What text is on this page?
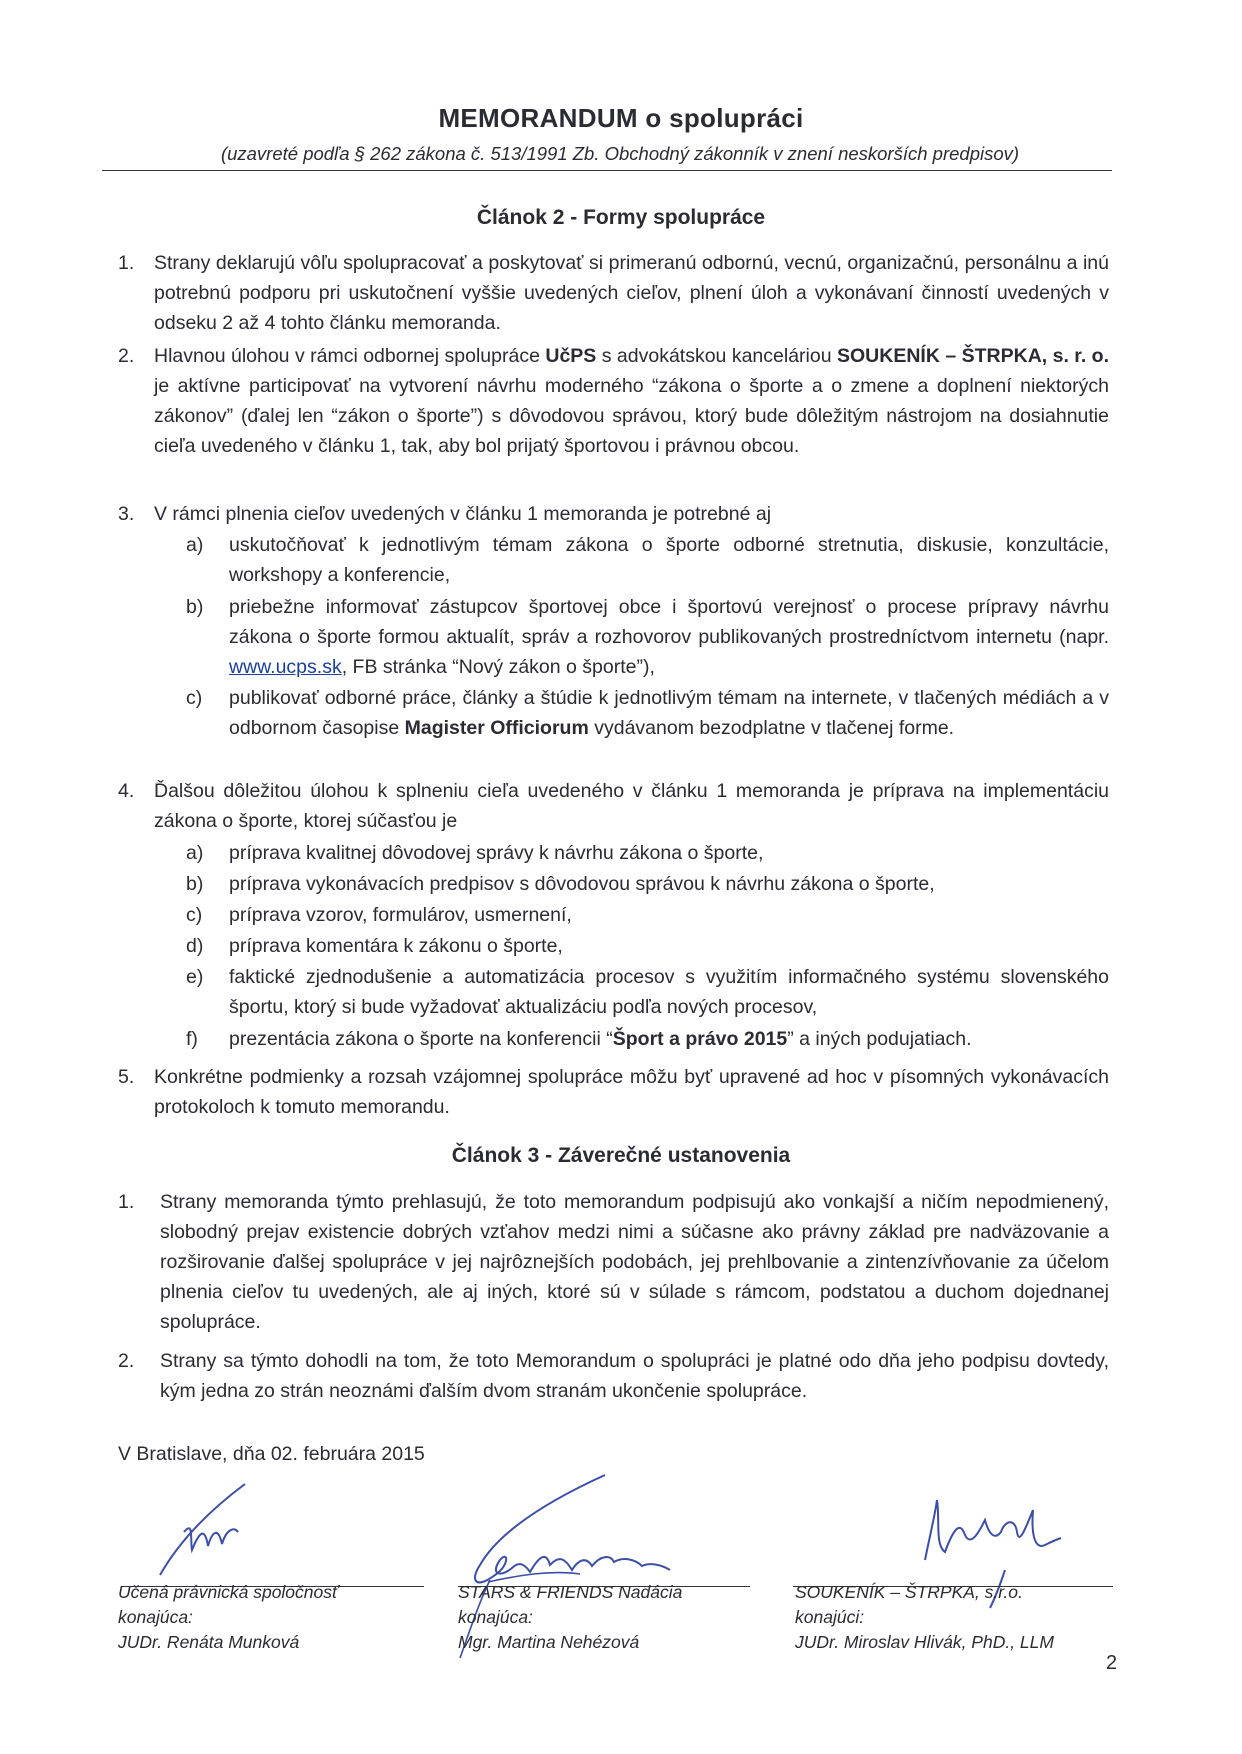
MEMORANDUM o spolupráci
(uzavreté podľa § 262 zákona č. 513/1991 Zb. Obchodný zákonník v znení neskorších predpisov)
Článok 2 - Formy spolupráce
1. Strany deklarujú vôľu spolupracovať a poskytovať si primeranú odbornú, vecnú, organizačnú, personálnu a inú potrebnú podporu pri uskutočnení vyššie uvedených cieľov, plnení úloh a vykonávaní činností uvedených v odseku 2 až 4 tohto článku memoranda.
2. Hlavnou úlohou v rámci odbornej spolupráce UčPS s advokátskou kanceláriou SOUKENÍK – ŠTRPKA, s. r. o. je aktívne participovať na vytvorení návrhu moderného “zákona o športe a o zmene a doplnení niektorých zákonov” (ďalej len “zákon o športe”) s dôvodovou správou, ktorý bude dôležitým nástrojom na dosiahnutie cieľa uvedeného v článku 1, tak, aby bol prijatý športovou i právnou obcou.
3. V rámci plnenia cieľov uvedených v článku 1 memoranda je potrebné aj
a) uskutočňovať k jednotlivým témam zákona o športe odborné stretnutia, diskusie, konzultácie, workshopy a konferencie,
b) priebežne informovať zástupcov športovej obce i športovú verejnosť o procese prípravy návrhu zákona o športe formou aktualít, správ a rozhovorov publikovaných prostredníctvom internetu (napr. www.ucps.sk, FB stránka “Nový zákon o športe”),
c) publikovať odborné práce, články a štúdie k jednotlivým témam na internete, v tlačených médiách a v odbornom časopise Magister Officiorum vydávanom bezodplatne v tlačenej forme.
4. Ďalšou dôležitou úlohou k splneniu cieľa uvedeného v článku 1 memoranda je príprava na implementáciu zákona o športe, ktorej súčasťou je
a) príprava kvalitnej dôvodovej správy k návrhu zákona o športe,
b) príprava vykonávacích predpisov s dôvodovou správou k návrhu zákona o športe,
c) príprava vzorov, formulárov, usmernení,
d) príprava komentára k zákonu o športe,
e) faktické zjednodušenie a automatizácia procesov s využitím informačného systému slovenského športu, ktorý si bude vyžadovať aktualizáciu podľa nových procesov,
f) prezentácia zákona o športe na konferencii “Šport a právo 2015” a iných podujatiach.
5. Konkrétne podmienky a rozsah vzájomnej spolupráce môžu byť upravené ad hoc v písomných vykonávacích protokoloch k tomuto memorandu.
Článok 3 - Záverečné ustanovenia
1. Strany memoranda týmto prehlasujú, že toto memorandum podpisujú ako vonkajší a ničím nepodmienený, slobodný prejav existencie dobrých vzťahov medzi nimi a súčasne ako právny základ pre nadväzovanie a rozširovanie ďalšej spolupráce v jej najrôznejších podobách, jej prehlbovanie a zintenzívňovanie za účelom plnenia cieľov tu uvedených, ale aj iných, ktoré sú v súlade s rámcom, podstatou a duchom dojednanej spolupráce.
2. Strany sa týmto dohodli na tom, že toto Memorandum o spolupráci je platné odo dňa jeho podpisu dovtedy, kým jedna zo strán neoznámi ďalším dvom stranám ukončenie spolupráce.
V Bratislave, dňa 02. februára 2015
Učená právnická spoločnosť
konajúca:
JUDr. Renáta Munková
STARS & FRIENDS Nadácia
konajúca:
Mgr. Martina Nehézová
SOUKENÍK – ŠTRPKA, s.r.o.
konajúci:
JUDr. Miroslav Hlivák, PhD., LLM
2
